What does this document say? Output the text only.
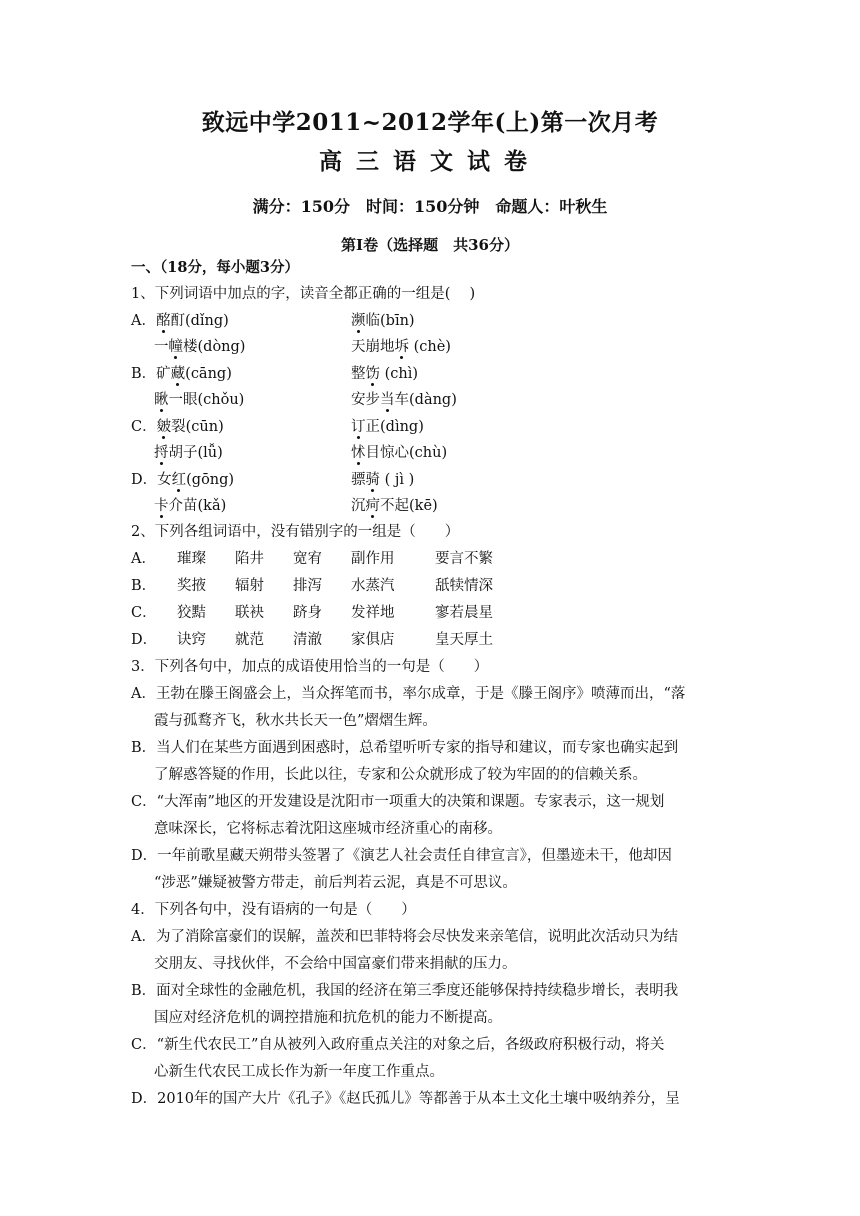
致远中学2011~2012学年(上)第一次月考
高三语文试卷
满分：150分　时间：150分钟　命题人：叶秋生
第I卷（选择题　共36分）
一、（18分，每小题3分）
1、下列词语中加点的字，读音全都正确的一组是(　 )
A．酩酊(dǐng)	濒临(bīn)
一幢楼(dòng)	天崩地坼 (chè)
B．矿藏(cāng)	整饬 (chì)
瞅一眼(chǒu)	安步当车(dàng)
C．皴裂(cūn)	订正(dìng)
捋胡子(lǚ)	怵目惊心(chù)
D．女红(gōng)	骠骑 ( jì )
卡介苗(kǎ)	沉疴不起(kē)
2、下列各组词语中，没有错别字的一组是（　　）
A． 璀璨 陷井 宽宥 副作用	要言不繁
B． 奖掖 辐射 排泻 水蒸汽	舐犊情深
C． 狡黠 联袂 跻身 发祥地	寥若晨星
D． 诀窍 就范 清澈 家俱店	皇天厚土
3．下列各句中，加点的成语使用恰当的一句是（　　）
A．王勃在滕王阁盛会上，当众挥笔而书，率尔成章，于是《滕王阁序》喷薄而出，“落
霞与孤鹜齐飞，秋水共长天一色”熠熠生辉。
B．当人们在某些方面遇到困惑时，总希望听听专家的指导和建议，而专家也确实起到
了解惑答疑的作用，长此以往，专家和公众就形成了较为牢固的的信赖关系。
C．“大浑南”地区的开发建设是沈阳市一项重大的决策和课题。专家表示，这一规划
意味深长，它将标志着沈阳这座城市经济重心的南移。
D．一年前歌星藏天朔带头签署了《演艺人社会责任自律宣言》，但墨迹未干，他却因
“涉恶”嫌疑被警方带走，前后判若云泥，真是不可思议。
4．下列各句中，没有语病的一句是（　　）
A．为了消除富豪们的误解，盖茨和巴菲特将会尽快发来亲笔信，说明此次活动只为结
交朋友、寻找伙伴，不会给中国富豪们带来捐献的压力。
B．面对全球性的金融危机，我国的经济在第三季度还能够保持持续稳步增长，表明我
国应对经济危机的调控措施和抗危机的能力不断提高。
C．“新生代农民工”自从被列入政府重点关注的对象之后，各级政府积极行动，将关
心新生代农民工成长作为新一年度工作重点。
D．2010年的国产大片《孔子》《赵氏孤儿》等都善于从本土文化土壤中吸纳养分，呈
